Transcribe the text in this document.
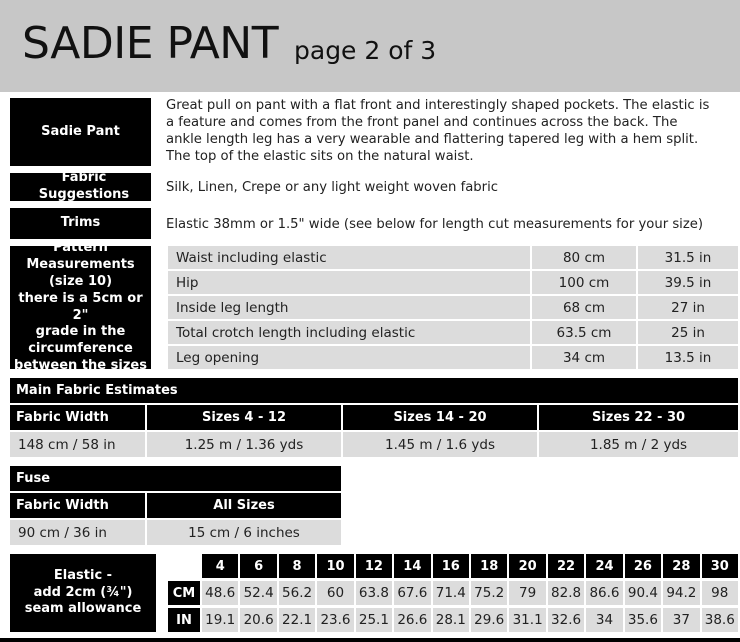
SADIE PANT page 2 of 3
Sadie Pant
Great pull on pant with a flat front and interestingly shaped pockets. The elastic is
a feature and comes from the front panel and continues across the back. The
ankle length leg has a very wearable and flattering tapered leg with a hem split.
The top of the elastic sits on the natural waist.
Fabric Suggestions	Silk, Linen, Crepe or any light weight woven fabric
Trims	Elastic 38mm or 1.5" wide (see below for length cut measurements for your size)
Pattern
Measurements
(size 10)
there is a 5cm or 2"
grade in the
circumference
between the sizes
Waist including elastic	80 cm	31.5 in
Hip	100 cm	39.5 in
Inside leg length	68 cm	27 in
Total crotch length including elastic	63.5 cm	25 in
Leg opening	34 cm	13.5 in
Main Fabric Estimates
Fabric Width	Sizes 4 - 12	Sizes 14 - 20	Sizes 22 - 30
148 cm / 58 in	1.25 m / 1.36 yds	1.45 m / 1.6 yds	1.85 m / 2 yds
Fuse
Fabric Width	All Sizes
90 cm / 36 in	15 cm / 6 inches
Elastic -
add 2cm (¾")
seam allowance
4	6	8	10	12	14	16	18	20	22	24	26	28	30
CM 48.6 52.4 56.2	60	63.8 67.6 71.4 75.2	79	82.8 86.6 90.4 94.2	98
IN 19.1 20.6 22.1 23.6 25.1 26.6 28.1 29.6 31.1 32.6	34	35.6	37	38.6
